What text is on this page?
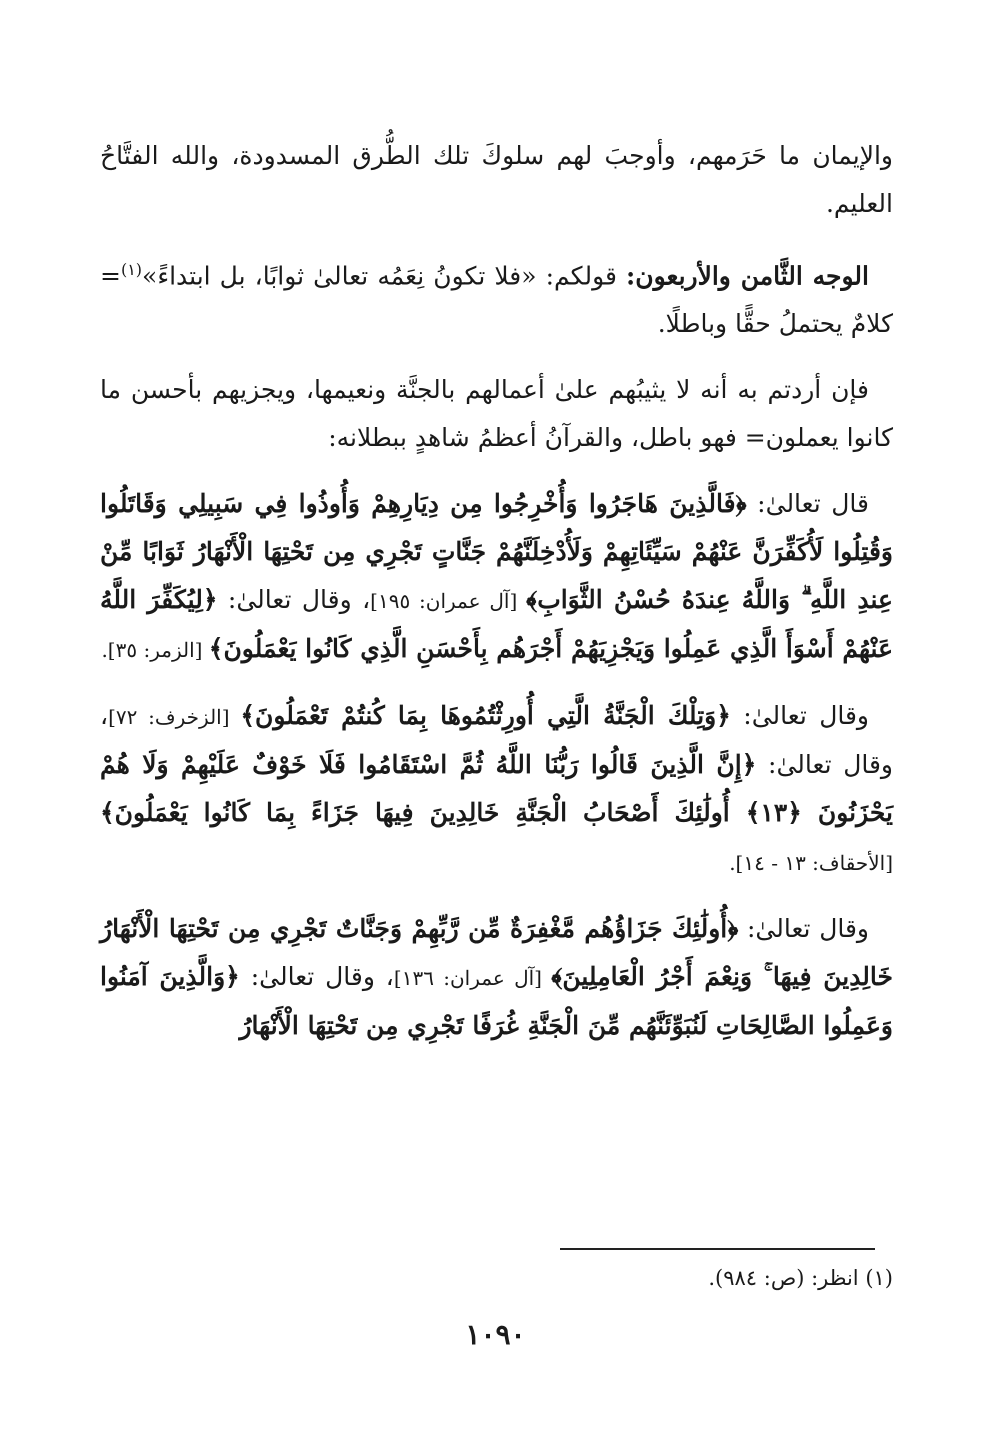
والإيمان ما حَرَمهم، وأوجبَ لهم سلوكَ تلك الطُّرق المسدودة، والله الفتَّاحُ العليم.

الوجه الثَّامن والأربعون: قولكم: «فلا تكونُ نِعَمُه تعالىٰ ثوابًا، بل ابتداءً»$^{(١)}$= كلامٌ يحتملُ حقًّا وباطلًا.

فإن أردتم به أنه لا يثيبُهم علىٰ أعمالهم بالجنَّة ونعيمها، ويجزيهم بأحسن ما كانوا يعملون= فهو باطل، والقرآنُ أعظمُ شاهدٍ ببطلانه:

قال تعالىٰ: ﴿فَالَّذِينَ هَاجَرُوا وَأُخْرِجُوا مِن دِيَارِهِمْ وَأُوذُوا فِي سَبِيلِي وَقَاتَلُوا وَقُتِلُوا لَأُكَفِّرَنَّ عَنْهُمْ سَيِّئَاتِهِمْ وَلَأُدْخِلَنَّهُمْ جَنَّاتٍ تَجْرِي مِن تَحْتِهَا الْأَنْهَارُ ثَوَابًا مِّنْ عِندِ اللَّهِ ۗ وَاللَّهُ عِندَهُ حُسْنُ الثَّوَابِ﴾ [آل عمران: ١٩٥]، وقال تعالىٰ: ﴿لِيُكَفِّرَ اللَّهُ عَنْهُمْ أَسْوَأَ الَّذِي عَمِلُوا وَيَجْزِيَهُمْ أَجْرَهُم بِأَحْسَنِ الَّذِي كَانُوا يَعْمَلُونَ﴾ [الزمر: ٣٥].

وقال تعالىٰ: ﴿وَتِلْكَ الْجَنَّةُ الَّتِي أُورِثْتُمُوهَا بِمَا كُنتُمْ تَعْمَلُونَ﴾ [الزخرف: ٧٢]، وقال تعالىٰ: ﴿إِنَّ الَّذِينَ قَالُوا رَبُّنَا اللَّهُ ثُمَّ اسْتَقَامُوا فَلَا خَوْفٌ عَلَيْهِمْ وَلَا هُمْ يَحْزَنُونَ ﴿١٣﴾ أُولَٰئِكَ أَصْحَابُ الْجَنَّةِ خَالِدِينَ فِيهَا جَزَاءً بِمَا كَانُوا يَعْمَلُونَ﴾ [الأحقاف: ١٣ - ١٤].

وقال تعالىٰ: ﴿أُولَٰئِكَ جَزَاؤُهُم مَّغْفِرَةٌ مِّن رَّبِّهِمْ وَجَنَّاتٌ تَجْرِي مِن تَحْتِهَا الْأَنْهَارُ خَالِدِينَ فِيهَا ۚ وَنِعْمَ أَجْرُ الْعَامِلِينَ﴾ [آل عمران: ١٣٦]، وقال تعالىٰ: ﴿وَالَّذِينَ آمَنُوا وَعَمِلُوا الصَّالِحَاتِ لَنُبَوِّئَنَّهُم مِّنَ الْجَنَّةِ غُرَفًا تَجْرِي مِن تَحْتِهَا الْأَنْهَارُ

(١) انظر: (ص: ٩٨٤).
١٠٩٠
